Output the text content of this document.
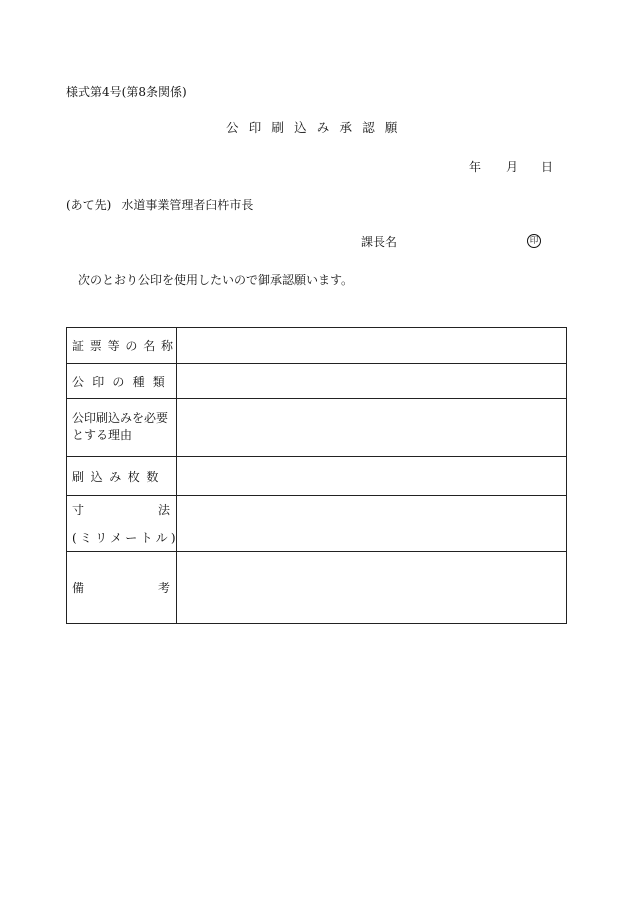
様式第4号(第8条関係)
公印刷込み承認願
年 月 日
(あて先) 水道事業管理者臼杵市長
課長名	印
次のとおり公印を使用したいので御承認願います。
証票等の名称
公印の種類
公印刷込みを必要
とする理由
刷込み枚数
寸	法
(ミリメートル)
備	考
